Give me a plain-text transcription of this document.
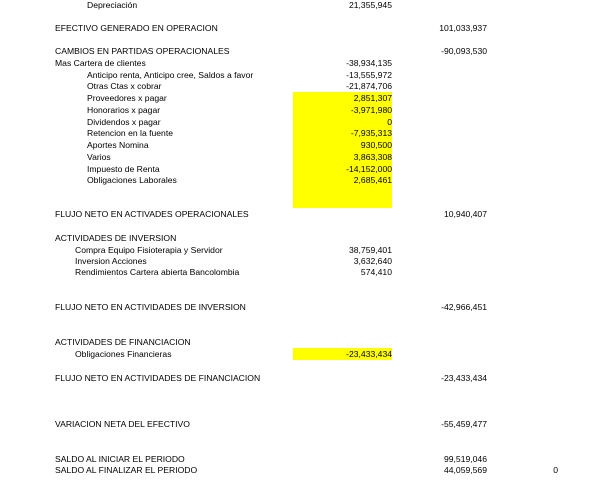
Depreciación	21,355,945
EFECTIVO GENERADO EN OPERACION	101,033,937
CAMBIOS EN PARTIDAS OPERACIONALES	-90,093,530
Mas Cartera de clientes	-38,934,135
Anticipo renta, Anticipo cree, Saldos a favor	-13,555,972
Otras Ctas x cobrar	-21,874,706
Proveedores x pagar	2,851,307
Honorarios x pagar	-3,971,980
Dividendos x pagar	0
Retencion en la fuente	-7,935,313
Aportes Nomina	930,500
Varios	3,863,308
Impuesto de Renta	-14,152,000
Obligaciones Laborales	2,685,461
FLUJO NETO EN ACTIVADES OPERACIONALES	10,940,407
ACTIVIDADES DE INVERSION
Compra Equipo Fisioterapia y Servidor	38,759,401
Inversion Acciones	3,632,640
Rendimientos Cartera abierta Bancolombia	574,410
FLUJO NETO EN ACTIVIDADES DE INVERSION	-42,966,451
ACTIVIDADES DE FINANCIACION
Obligaciones Financieras	-23,433,434
FLUJO NETO EN ACTIVIDADES DE FINANCIACION	-23,433,434
VARIACION NETA DEL EFECTIVO	-55,459,477
SALDO AL INICIAR EL PERIODO	99,519,046
SALDO AL FINALIZAR EL PERIODO	44,059,569	0
